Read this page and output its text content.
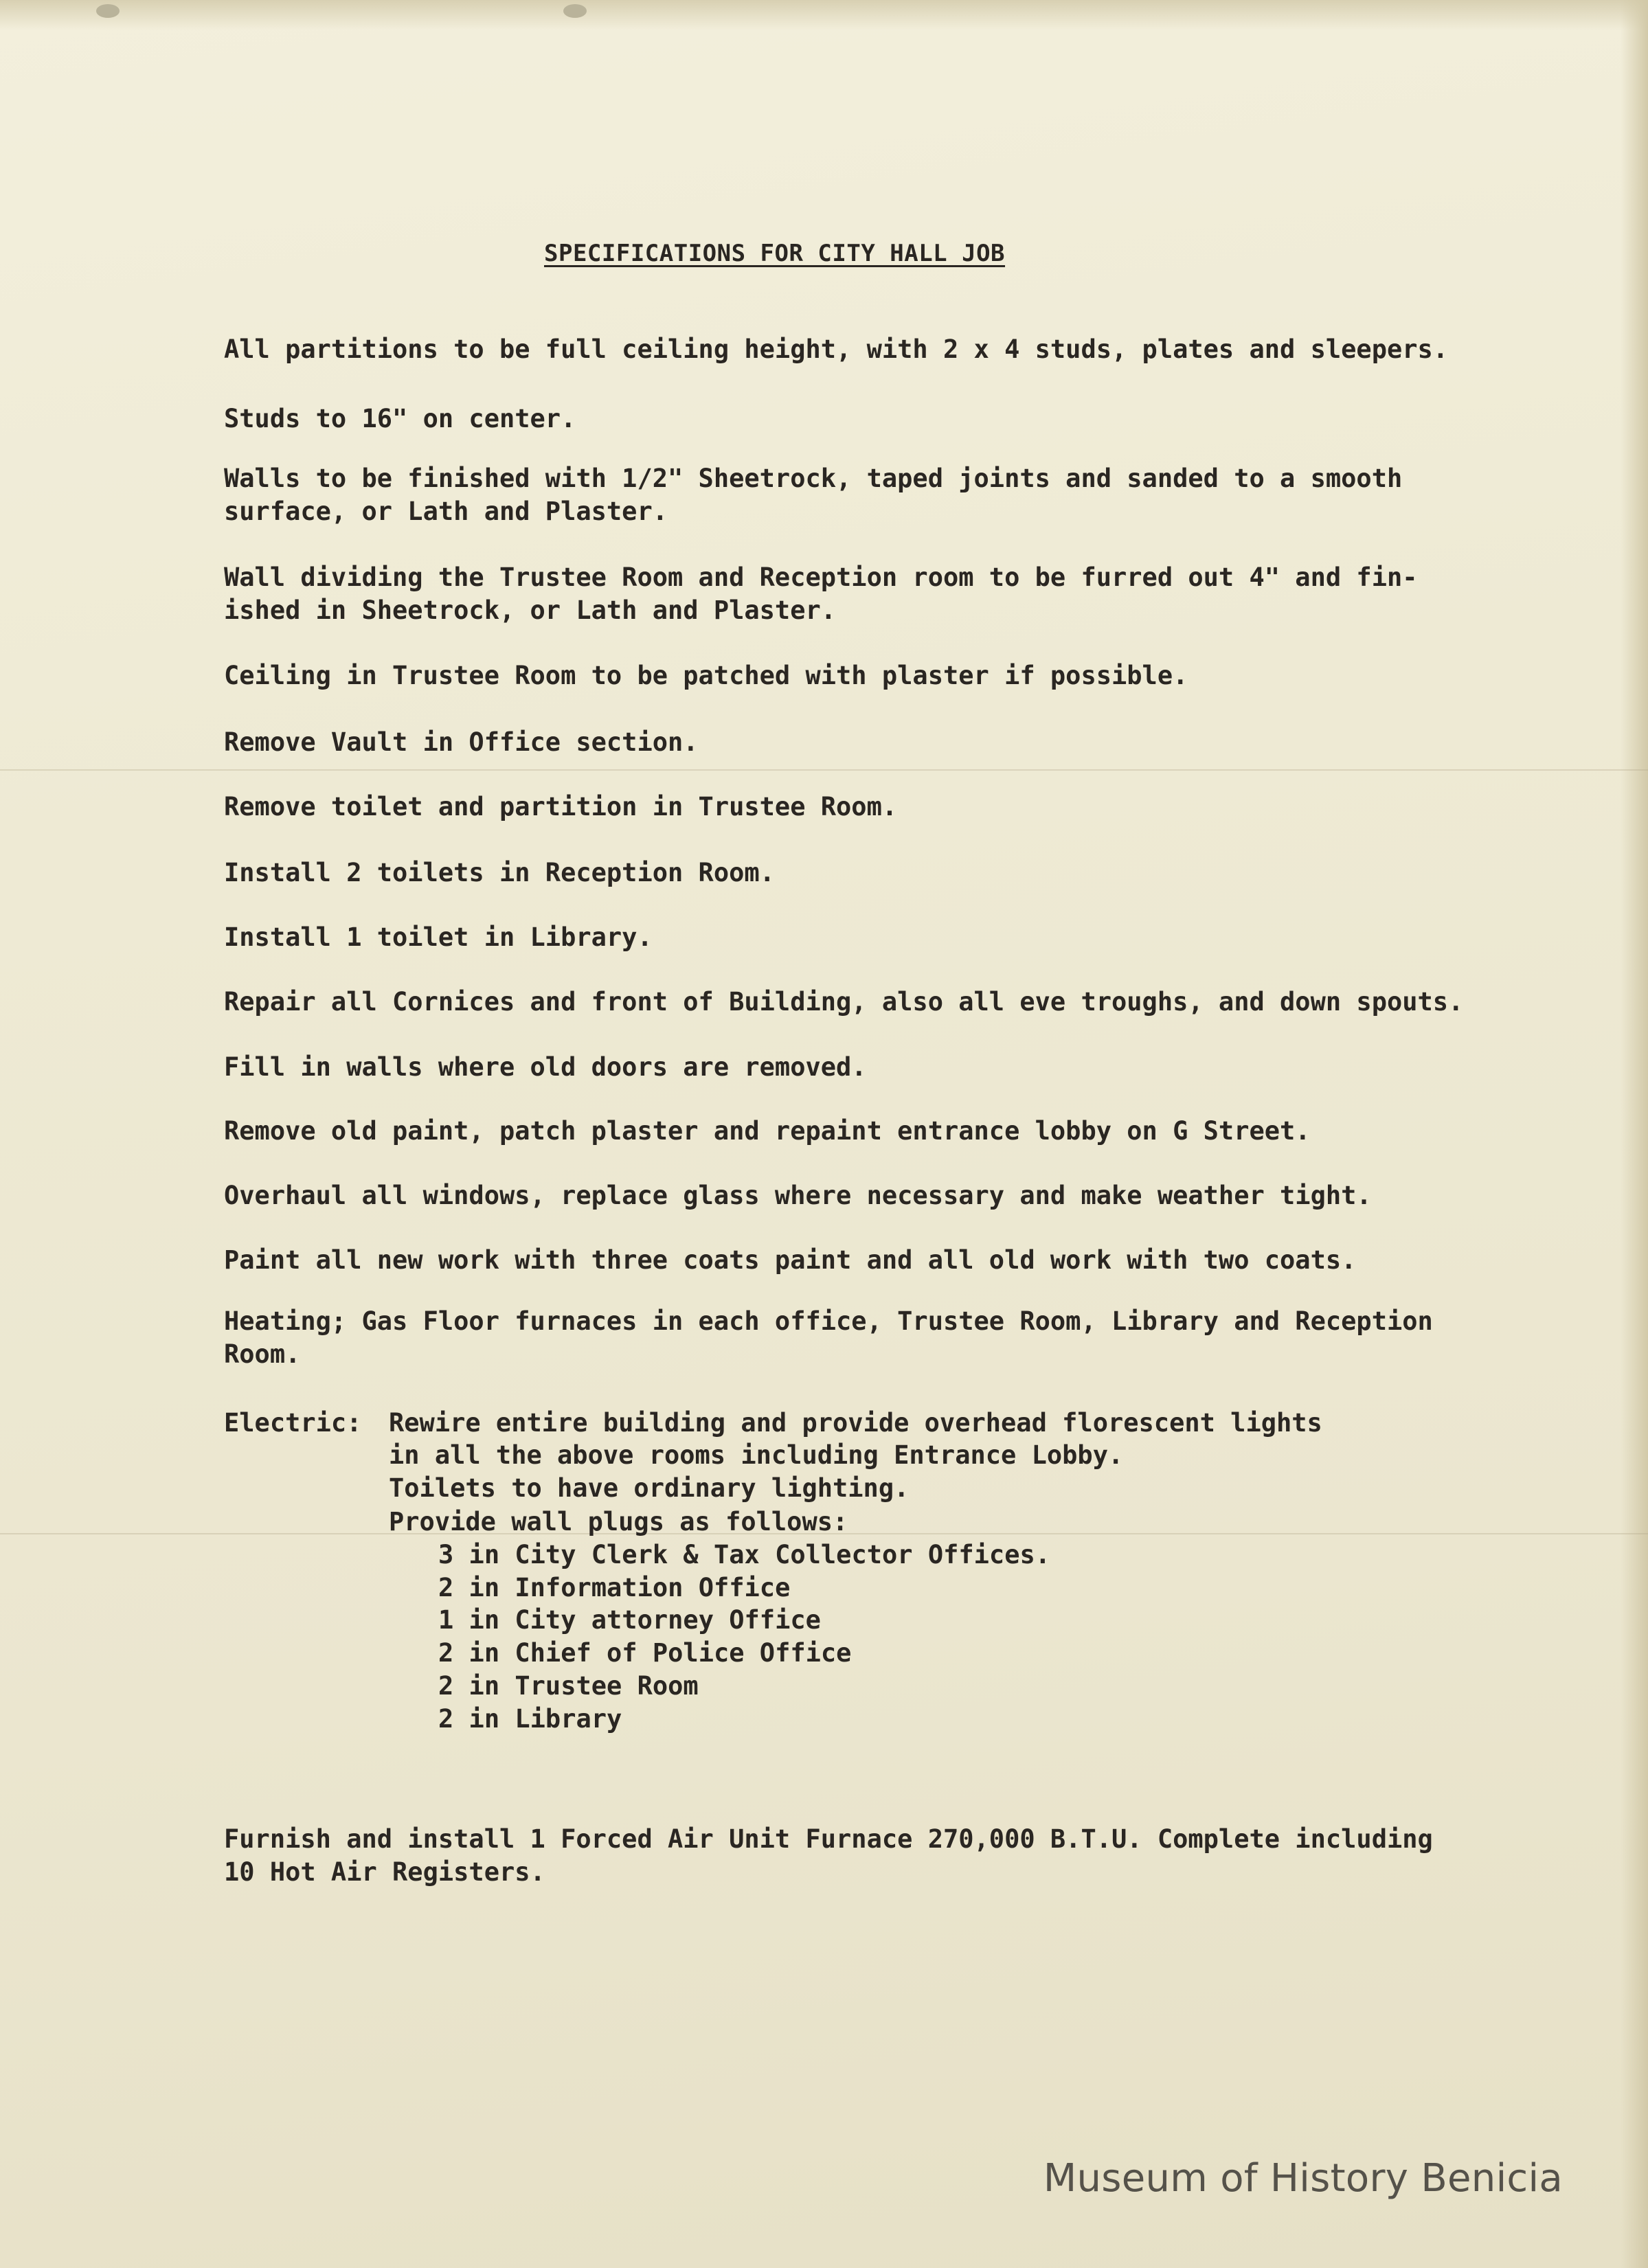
SPECIFICATIONS FOR CITY HALL JOB

All partitions to be full ceiling height, with 2 x 4 studs, plates and sleepers.

Studs to 16" on center.

Walls to be finished with 1/2" Sheetrock, taped joints and sanded to a smooth
surface, or Lath and Plaster.

Wall dividing the Trustee Room and Reception room to be furred out 4" and fin-
ished in Sheetrock, or Lath and Plaster.

Ceiling in Trustee Room to be patched with plaster if possible.

Remove Vault in Office section.

Remove toilet and partition in Trustee Room.

Install 2 toilets in Reception Room.

Install 1 toilet in Library.

Repair all Cornices and front of Building, also all eve troughs, and down spouts.

Fill in walls where old doors are removed.

Remove old paint, patch plaster and repaint entrance lobby on G Street.

Overhaul all windows, replace glass where necessary and make weather tight.

Paint all new work with three coats paint and all old work with two coats.

Heating; Gas Floor furnaces in each office, Trustee Room, Library and Reception
Room.

Electric: Rewire entire building and provide overhead florescent lights

in all the above rooms including Entrance Lobby.

Toilets to have ordinary lighting.

Provide wall plugs as follows:

3 in City Clerk & Tax Collector Offices.

2 in Information Office

1 in City attorney Office

2 in Chief of Police Office

2 in Trustee Room

2 in Library

Furnish and install 1 Forced Air Unit Furnace 270,000 B.T.U. Complete including
10 Hot Air Registers.

Museum of History Benicia
